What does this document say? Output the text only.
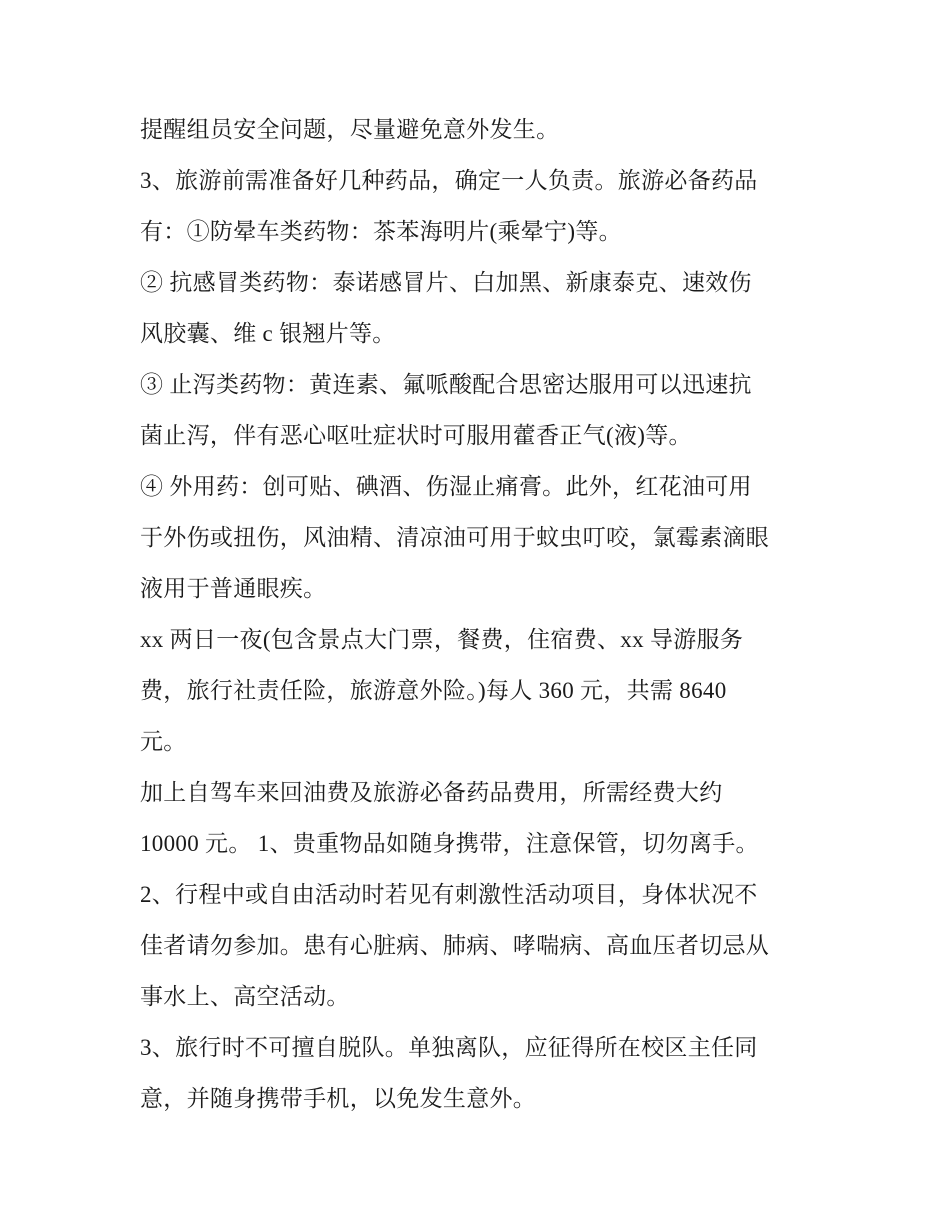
提醒组员安全问题，尽量避免意外发生。
3、旅游前需准备好几种药品，确定一人负责。旅游必备药品
有：①防晕车类药物：茶苯海明片(乘晕宁)等。
② 抗感冒类药物：泰诺感冒片、白加黑、新康泰克、速效伤
风胶囊、维 c 银翘片等。
③ 止泻类药物：黄连素、氟哌酸配合思密达服用可以迅速抗
菌止泻，伴有恶心呕吐症状时可服用藿香正气(液)等。
④ 外用药：创可贴、碘酒、伤湿止痛膏。此外，红花油可用
于外伤或扭伤，风油精、清凉油可用于蚊虫叮咬，氯霉素滴眼
液用于普通眼疾。
xx 两日一夜(包含景点大门票，餐费，住宿费、xx 导游服务
费，旅行社责任险，旅游意外险。)每人 360 元，共需 8640
元。
加上自驾车来回油费及旅游必备药品费用，所需经费大约
10000 元。 1、贵重物品如随身携带，注意保管，切勿离手。
2、行程中或自由活动时若见有刺激性活动项目，身体状况不
佳者请勿参加。患有心脏病、肺病、哮喘病、高血压者切忌从
事水上、高空活动。
3、旅行时不可擅自脱队。单独离队，应征得所在校区主任同
意，并随身携带手机，以免发生意外。
